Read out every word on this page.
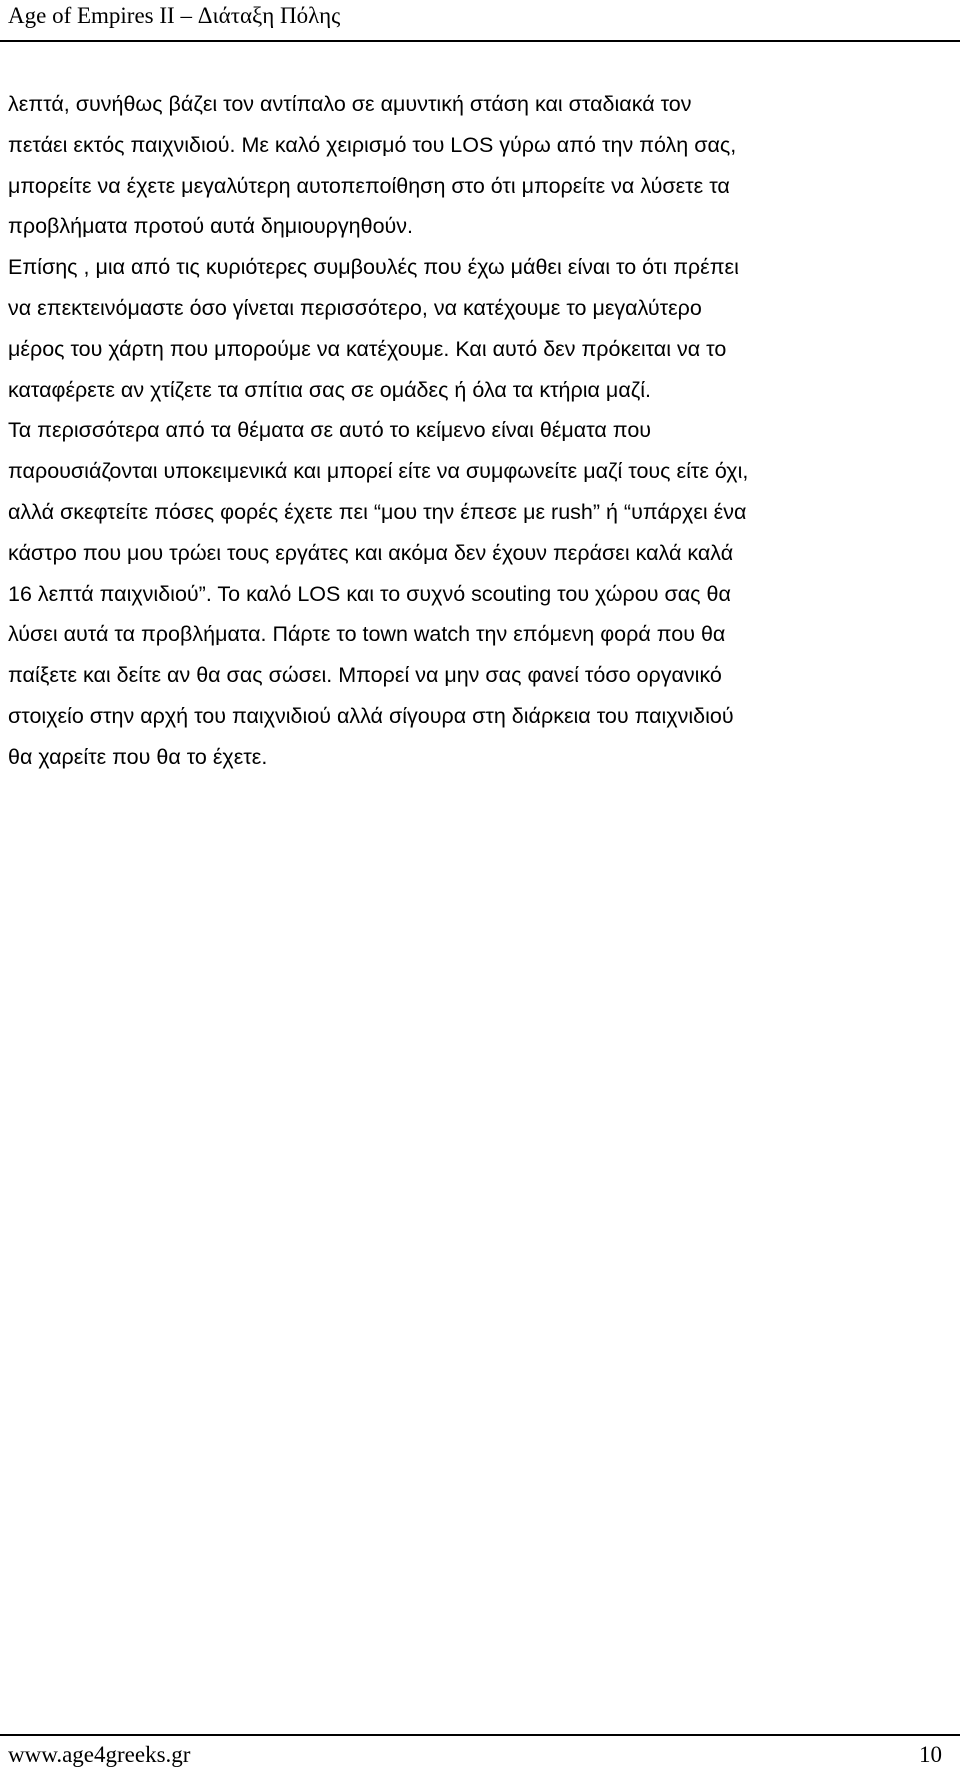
Age of Empires II – Διάταξη Πόλης
λεπτά, συνήθως βάζει τον αντίπαλο σε αμυντική στάση και σταδιακά τον
πετάει εκτός παιχνιδιού. Με καλό χειρισμό του LOS γύρω από την πόλη σας,
μπορείτε να έχετε μεγαλύτερη αυτοπεποίθηση στο ότι μπορείτε να λύσετε τα
προβλήματα προτού αυτά δημιουργηθούν.
Επίσης , μια από τις κυριότερες συμβουλές που έχω μάθει είναι το ότι πρέπει
να επεκτεινόμαστε όσο γίνεται περισσότερο, να κατέχουμε το μεγαλύτερο
μέρος του χάρτη που μπορούμε να κατέχουμε. Και αυτό δεν πρόκειται να το
καταφέρετε αν χτίζετε τα σπίτια σας σε ομάδες ή όλα τα κτήρια μαζί.
Τα περισσότερα από τα θέματα σε αυτό το κείμενο είναι θέματα που
παρουσιάζονται υποκειμενικά και μπορεί είτε να συμφωνείτε μαζί τους είτε όχι,
αλλά σκεφτείτε πόσες φορές έχετε πει “μου την έπεσε με rush” ή “υπάρχει ένα
κάστρο που μου τρώει τους εργάτες και ακόμα δεν έχουν περάσει καλά καλά
16 λεπτά παιχνιδιού”. Το καλό LOS και το συχνό scouting του χώρου σας θα
λύσει αυτά τα προβλήματα. Πάρτε το town watch την επόμενη φορά που θα
παίξετε και δείτε αν θα σας σώσει. Μπορεί να μην σας φανεί τόσο οργανικό
στοιχείο στην αρχή του παιχνιδιού αλλά σίγουρα στη διάρκεια του παιχνιδιού
θα χαρείτε που θα το έχετε.
www.age4greeks.gr	10
